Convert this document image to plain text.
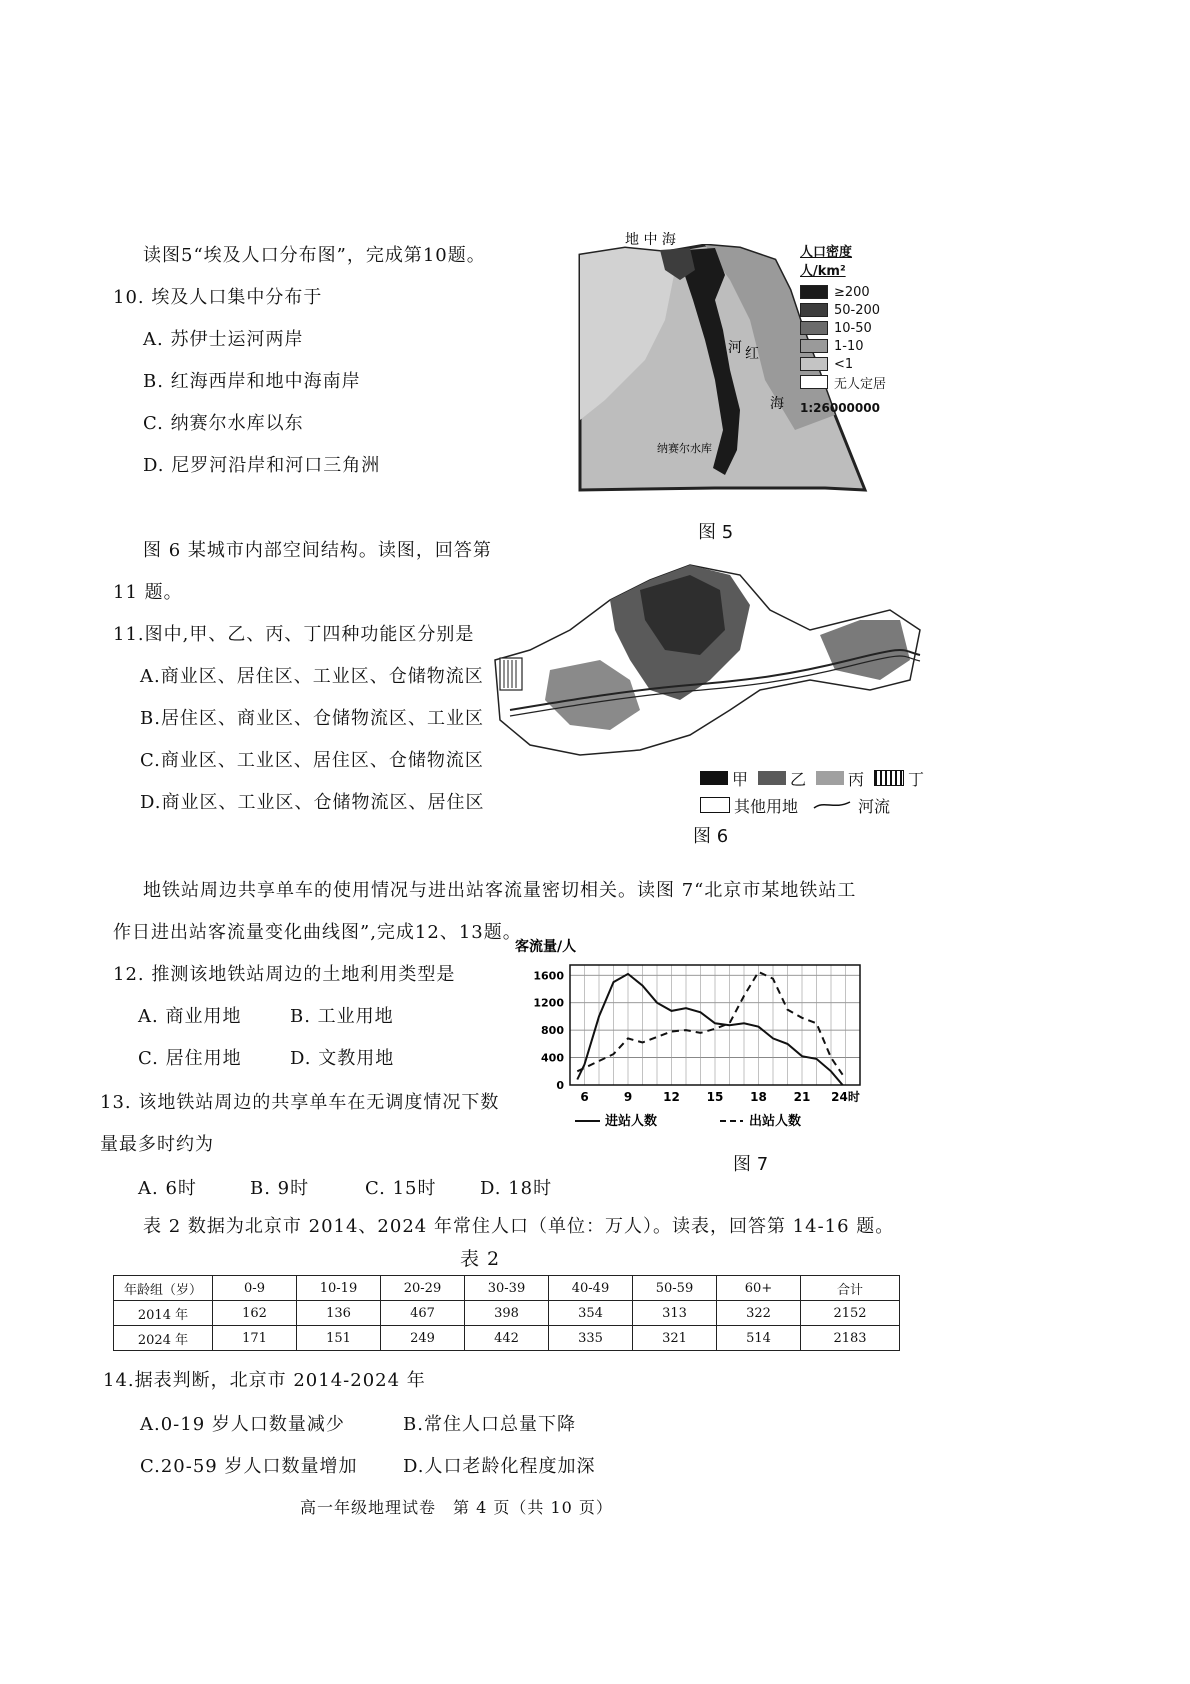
读图5“埃及人口分布图”，完成第10题。
10. 埃及人口集中分布于
A. 苏伊士运河两岸
B. 红海西岸和地中海南岸
C. 纳赛尔水库以东
D. 尼罗河沿岸和河口三角洲
地 中 海
河 红
海
纳赛尔水库
人口密度
人/km²
≥200
50-200
10-50
1-10
<1
无人定居
1:26000000
图 5
图 6 某城市内部空间结构。读图，回答第
11 题。
11.图中,甲、乙、丙、丁四种功能区分别是
A.商业区、居住区、工业区、仓储物流区
B.居住区、商业区、仓储物流区、工业区
C.商业区、工业区、居住区、仓储物流区
D.商业区、工业区、仓储物流区、居住区
甲	乙	丙	丁
其他用地	河流
图 6
地铁站周边共享单车的使用情况与进出站客流量密切相关。读图 7“北京市某地铁站工
作日进出站客流量变化曲线图”,完成12、13题。
12. 推测该地铁站周边的土地利用类型是
A. 商业用地	B. 工业用地
C. 居住用地	D. 文教用地
13. 该地铁站周边的共享单车在无调度情况下数
量最多时约为
A. 6时	B. 9时	C. 15时 D. 18时
客流量/人
0
400
800
1200
1600
6	9	12 15 18 21 24时
进站人数	出站人数
图 7
表 2 数据为北京市 2014、2024 年常住人口（单位：万人）。读表，回答第 14-16 题。
表 2
年龄组（岁）	0-9	10-19	20-29	30-39	40-49	50-59	60+	合计
2014 年	162	136	467	398	354	313	322	2152
2024 年	171	151	249	442	335	321	514	2183
14.据表判断，北京市 2014-2024 年
A.0-19 岁人口数量减少	B.常住人口总量下降
C.20-59 岁人口数量增加	D.人口老龄化程度加深
高一年级地理试卷　第 4 页（共 10 页）
